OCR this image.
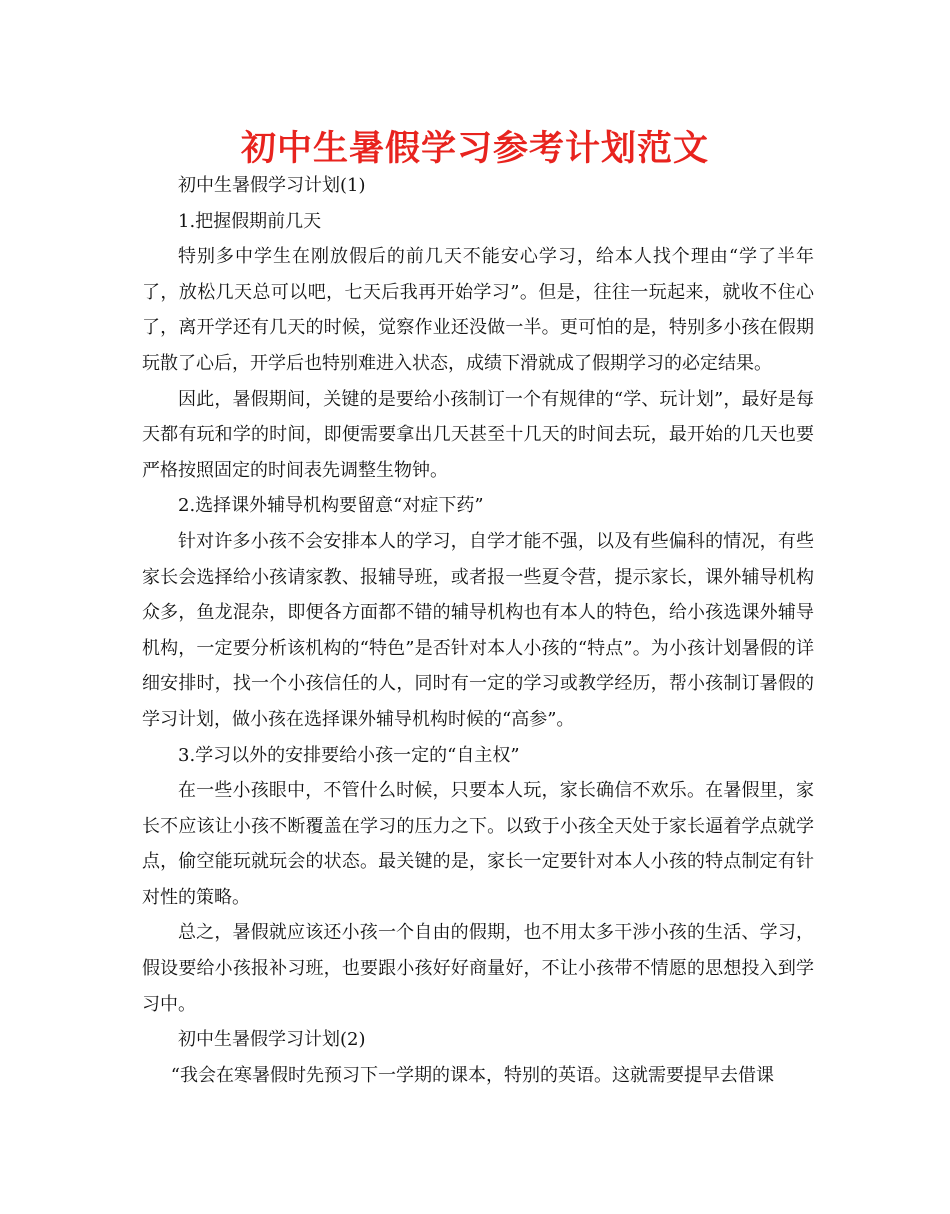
初中生暑假学习参考计划范文

初中生暑假学习计划(1)

1.把握假期前几天

特别多中学生在刚放假后的前几天不能安心学习，给本人找个理由“学了半年了，放松几天总可以吧，七天后我再开始学习”。但是，往往一玩起来，就收不住心了，离开学还有几天的时候，觉察作业还没做一半。更可怕的是，特别多小孩在假期玩散了心后，开学后也特别难进入状态，成绩下滑就成了假期学习的必定结果。

因此，暑假期间，关键的是要给小孩制订一个有规律的“学、玩计划”，最好是每天都有玩和学的时间，即便需要拿出几天甚至十几天的时间去玩，最开始的几天也要严格按照固定的时间表先调整生物钟。

2.选择课外辅导机构要留意“对症下药”

针对许多小孩不会安排本人的学习，自学才能不强，以及有些偏科的情况，有些家长会选择给小孩请家教、报辅导班，或者报一些夏令营，提示家长，课外辅导机构众多，鱼龙混杂，即便各方面都不错的辅导机构也有本人的特色，给小孩选课外辅导机构，一定要分析该机构的“特色”是否针对本人小孩的“特点”。为小孩计划暑假的详细安排时，找一个小孩信任的人，同时有一定的学习或教学经历，帮小孩制订暑假的学习计划，做小孩在选择课外辅导机构时候的“高参”。

3.学习以外的安排要给小孩一定的“自主权”

在一些小孩眼中，不管什么时候，只要本人玩，家长确信不欢乐。在暑假里，家长不应该让小孩不断覆盖在学习的压力之下。以致于小孩全天处于家长逼着学点就学点，偷空能玩就玩会的状态。最关键的是，家长一定要针对本人小孩的特点制定有针对性的策略。

总之，暑假就应该还小孩一个自由的假期，也不用太多干涉小孩的生活、学习，假设要给小孩报补习班，也要跟小孩好好商量好，不让小孩带不情愿的思想投入到学习中。

初中生暑假学习计划(2)

“我会在寒暑假时先预习下一学期的课本，特别的英语。这就需要提早去借课
